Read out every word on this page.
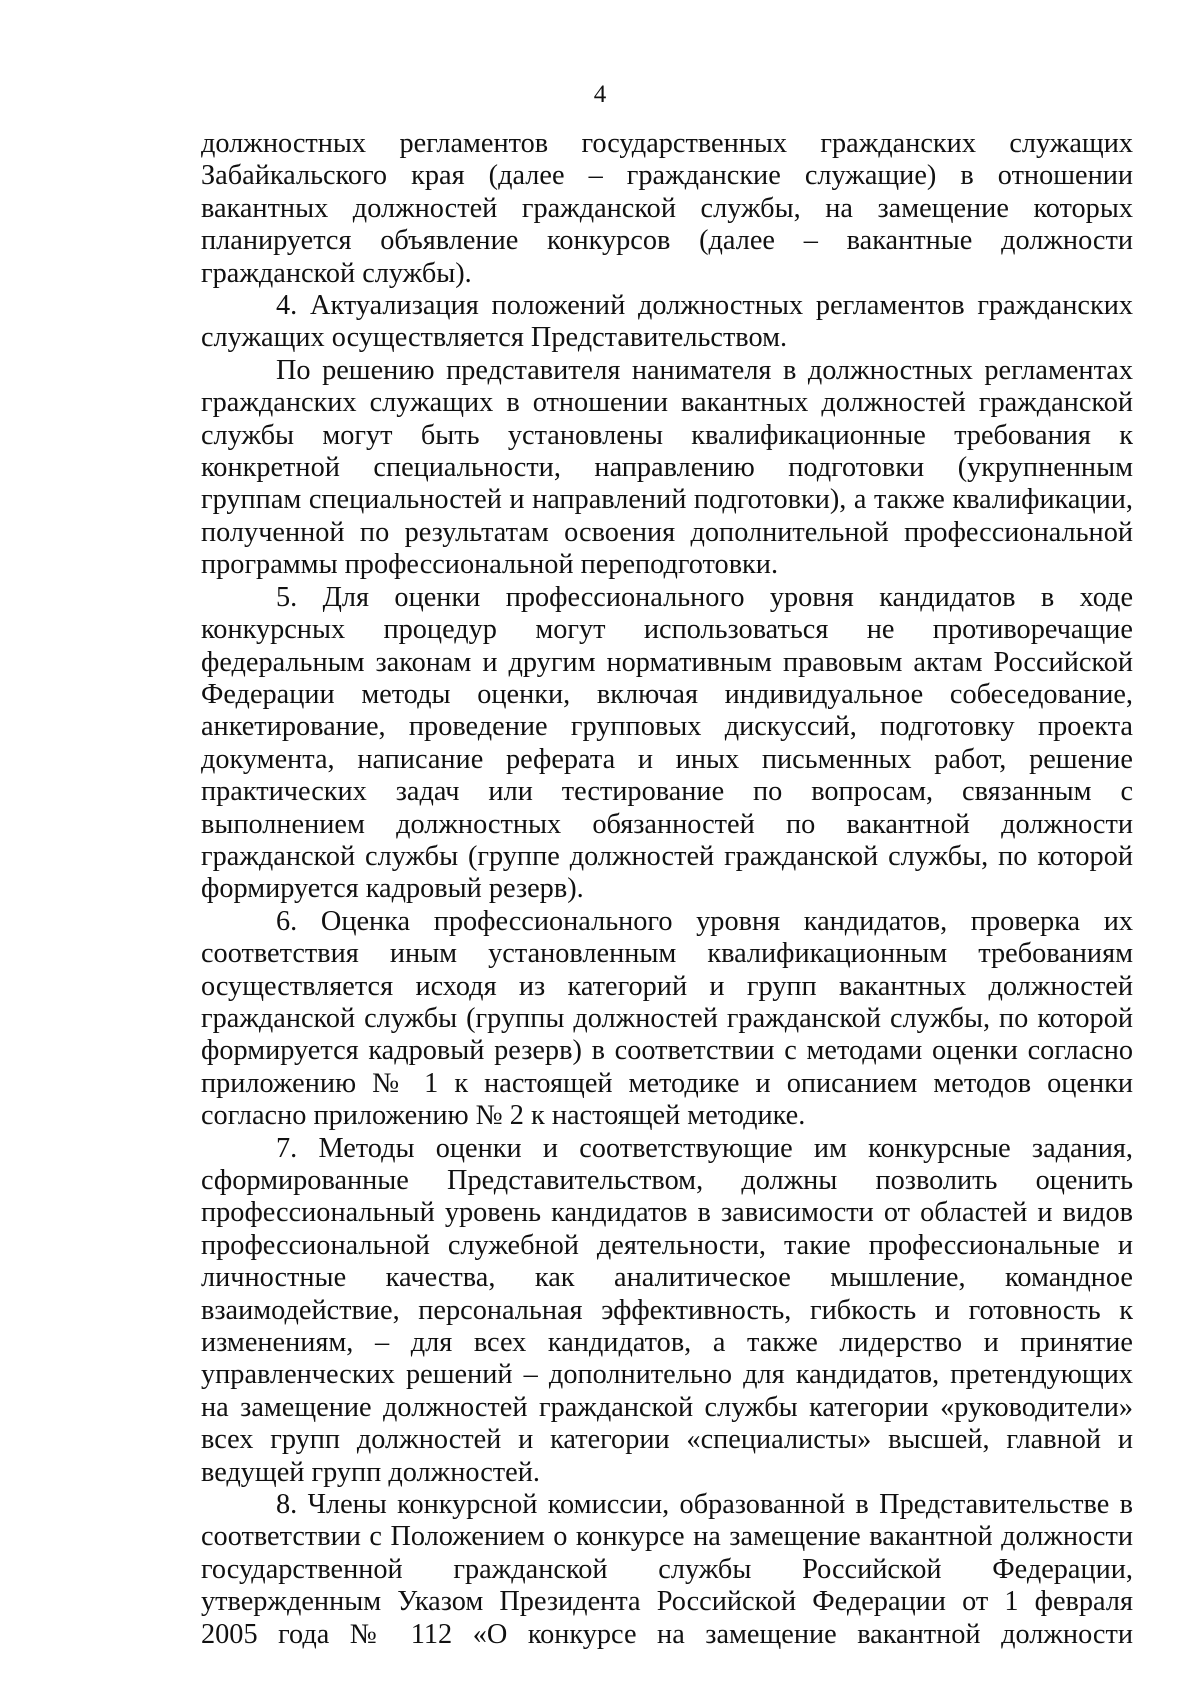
4

должностных регламентов государственных гражданских служащих Забайкальского края (далее – гражданские служащие) в отношении вакантных должностей гражданской службы, на замещение которых планируется объявление конкурсов (далее – вакантные должности гражданской службы).

4. Актуализация положений должностных регламентов гражданских служащих осуществляется Представительством.

По решению представителя нанимателя в должностных регламентах гражданских служащих в отношении вакантных должностей гражданской службы могут быть установлены квалификационные требования к конкретной специальности, направлению подготовки (укрупненным группам специальностей и направлений подготовки), а также квалификации, полученной по результатам освоения дополнительной профессиональной программы профессиональной переподготовки.

5. Для оценки профессионального уровня кандидатов в ходе конкурсных процедур могут использоваться не противоречащие федеральным законам и другим нормативным правовым актам Российской Федерации методы оценки, включая индивидуальное собеседование, анкетирование, проведение групповых дискуссий, подготовку проекта документа, написание реферата и иных письменных работ, решение практических задач или тестирование по вопросам, связанным с выполнением должностных обязанностей по вакантной должности гражданской службы (группе должностей гражданской службы, по которой формируется кадровый резерв).

6. Оценка профессионального уровня кандидатов, проверка их соответствия иным установленным квалификационным требованиям осуществляется исходя из категорий и групп вакантных должностей гражданской службы (группы должностей гражданской службы, по которой формируется кадровый резерв) в соответствии с методами оценки согласно приложению № 1 к настоящей методике и описанием методов оценки согласно приложению № 2 к настоящей методике.

7. Методы оценки и соответствующие им конкурсные задания, сформированные Представительством, должны позволить оценить профессиональный уровень кандидатов в зависимости от областей и видов профессиональной служебной деятельности, такие профессиональные и личностные качества, как аналитическое мышление, командное взаимодействие, персональная эффективность, гибкость и готовность к изменениям, – для всех кандидатов, а также лидерство и принятие управленческих решений – дополнительно для кандидатов, претендующих на замещение должностей гражданской службы категории «руководители» всех групп должностей и категории «специалисты» высшей, главной и ведущей групп должностей.

8. Члены конкурсной комиссии, образованной в Представительстве в соответствии с Положением о конкурсе на замещение вакантной должности государственной гражданской службы Российской Федерации, утвержденным Указом Президента Российской Федерации от 1 февраля 2005 года № 112 «О конкурсе на замещение вакантной должности
